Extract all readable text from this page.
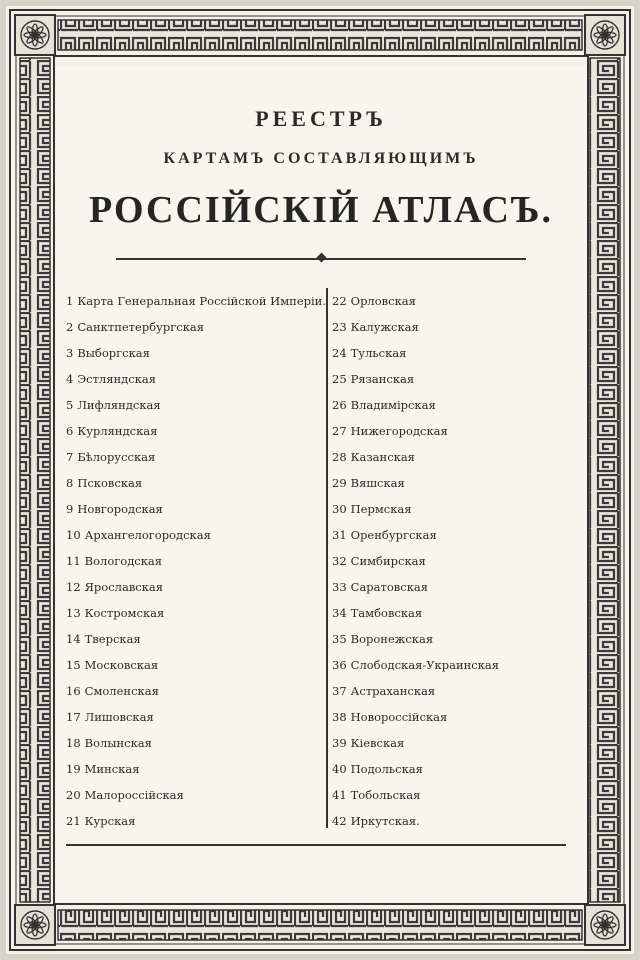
РЕЕСТРЪ
КАРТАМЪ СОСТАВЛЯЮЩИМЪ
РОССІЙСКІЙ АТЛАСЪ.
1 Карта Генеральная Россійской Имперіи.
2 Санктпетербургская
3 Выборгская
4 Эстляндская
5 Лифляндская
6 Курляндская
7 Бѣлорусская
8 Псковская
9 Новгородская
10 Архангелогородская
11 Вологодская
12 Ярославская
13 Костромская
14 Тверская
15 Московская
16 Смоленская
17 Лишовская
18 Волынская
19 Минская
20 Малороссійская
21 Курская
22 Орловская
23 Калужская
24 Тульская
25 Рязанская
26 Владимірская
27 Нижегородская
28 Казанская
29 Вяшская
30 Пермская
31 Оренбургская
32 Симбирская
33 Саратовская
34 Тамбовская
35 Воронежская
36 Слободская-Украинская
37 Астраханская
38 Новороссійская
39 Кіевская
40 Подольская
41 Тобольская
42 Иркутская.
